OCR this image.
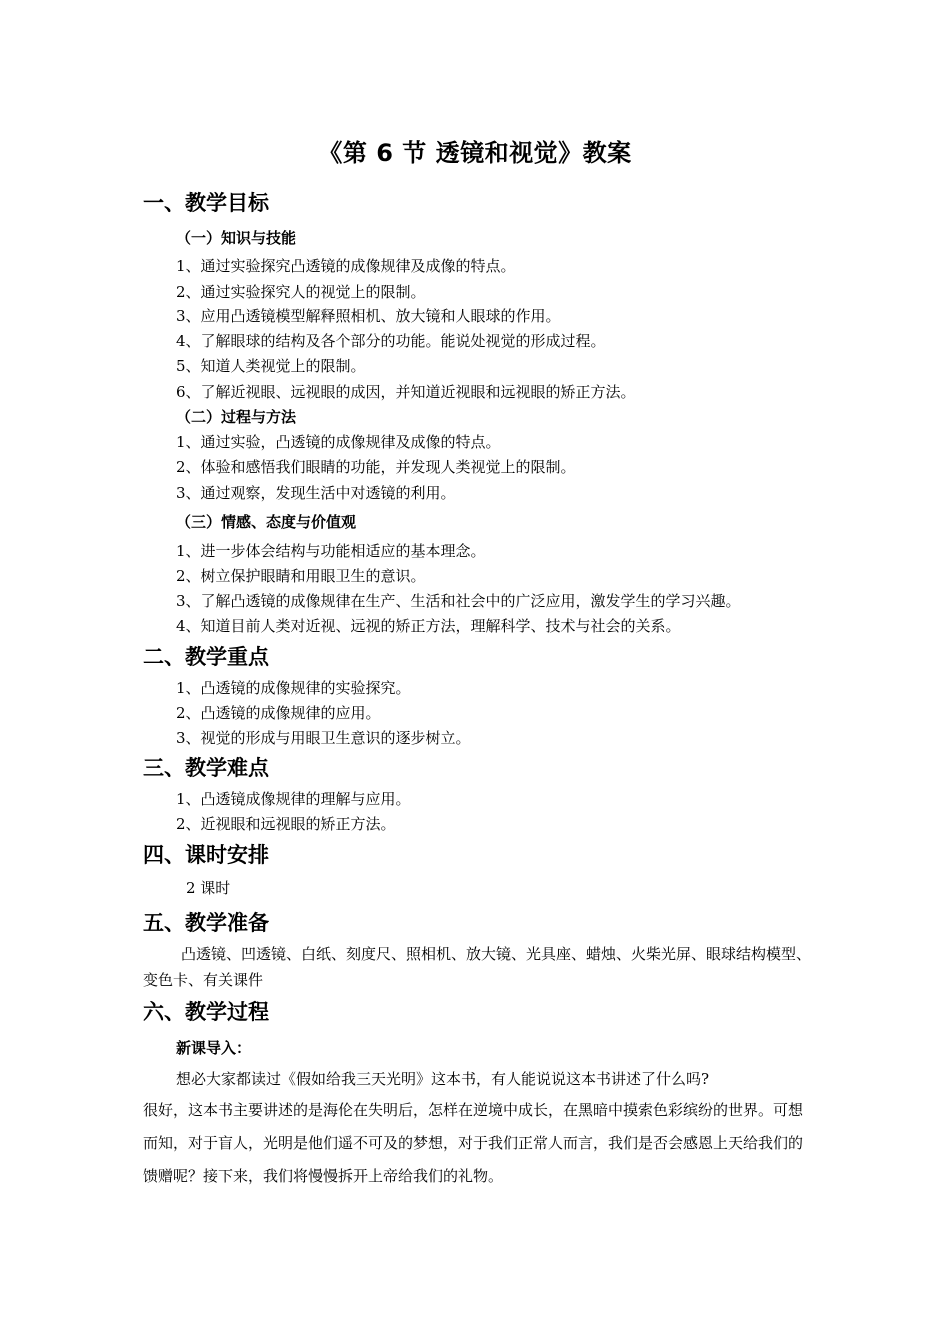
《第 6 节 透镜和视觉》教案
一、教学目标
（一）知识与技能
1、通过实验探究凸透镜的成像规律及成像的特点。
2、通过实验探究人的视觉上的限制。
3、应用凸透镜模型解释照相机、放大镜和人眼球的作用。
4、了解眼球的结构及各个部分的功能。能说处视觉的形成过程。
5、知道人类视觉上的限制。
6、了解近视眼、远视眼的成因，并知道近视眼和远视眼的矫正方法。
（二）过程与方法
1、通过实验，凸透镜的成像规律及成像的特点。
2、体验和感悟我们眼睛的功能，并发现人类视觉上的限制。
3、通过观察，发现生活中对透镜的利用。
（三）情感、态度与价值观
1、进一步体会结构与功能相适应的基本理念。
2、树立保护眼睛和用眼卫生的意识。
3、了解凸透镜的成像规律在生产、生活和社会中的广泛应用，激发学生的学习兴趣。
4、知道目前人类对近视、远视的矫正方法，理解科学、技术与社会的关系。
二、教学重点
1、凸透镜的成像规律的实验探究。
2、凸透镜的成像规律的应用。
3、视觉的形成与用眼卫生意识的逐步树立。
三、教学难点
1、凸透镜成像规律的理解与应用。
2、近视眼和远视眼的矫正方法。
四、课时安排
2 课时
五、教学准备
凸透镜、凹透镜、白纸、刻度尺、照相机、放大镜、光具座、蜡烛、火柴光屏、眼球结构模型、变色卡、有关课件
六、教学过程
新课导入：
想必大家都读过《假如给我三天光明》这本书，有人能说说这本书讲述了什么吗?
很好，这本书主要讲述的是海伦在失明后，怎样在逆境中成长，在黑暗中摸索色彩缤纷的世界。可想而知，对于盲人，光明是他们遥不可及的梦想，对于我们正常人而言，我们是否会感恩上天给我们的馈赠呢？接下来，我们将慢慢拆开上帝给我们的礼物。
